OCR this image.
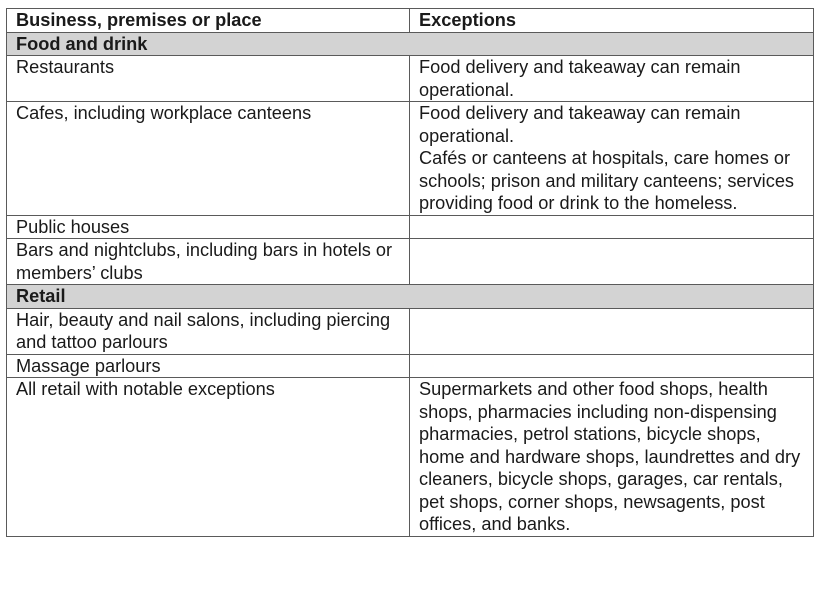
Business, premises or place	Exceptions
Food and drink	
Restaurants	Food delivery and takeaway can remain operational.

Cafes, including workplace canteens	Food delivery and takeaway can remain operational.

Cafés or canteens at hospitals, care homes or schools; prison and military canteens; services providing food or drink to the homeless.

Public houses	
Bars and nightclubs, including bars in hotels or members’ clubs	
Retail	
Hair, beauty and nail salons, including piercing and tattoo parlours	
Massage parlours	
All retail with notable exceptions	Supermarkets and other food shops, health shops, pharmacies including non-dispensing pharmacies, petrol stations, bicycle shops, home and hardware shops, laundrettes and dry cleaners, bicycle shops, garages, car rentals, pet shops, corner shops, newsagents, post offices, and banks.
